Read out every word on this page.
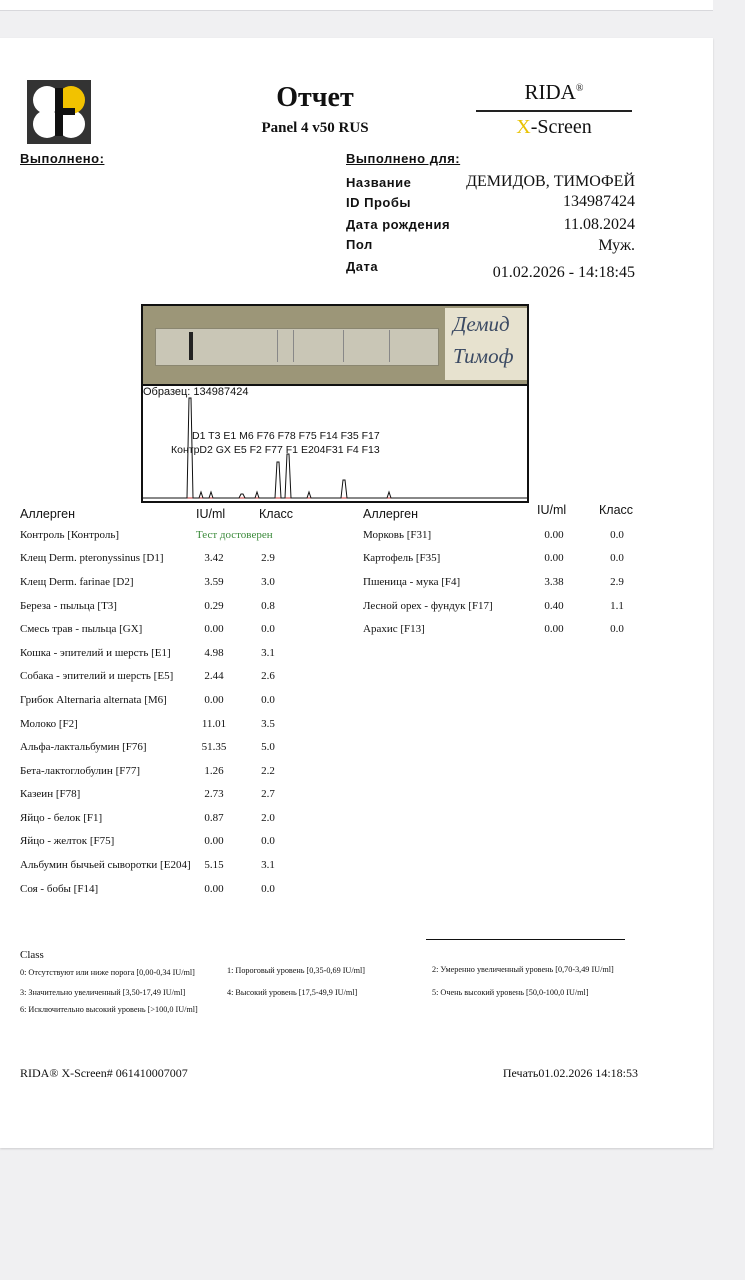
Отчет
Panel 4 v50 RUS
RIDA®
X-Screen
Выполнено:	Выполнено для:
Название	ДЕМИДОВ, ТИМОФЕЙ
ID Пробы	134987424
Дата рождения	11.08.2024
Пол	Муж.
Дата	01.02.2026 - 14:18:45
Демид
Тимоф
Образец: 134987424
D1 T3 E1 M6 F76 F78 F75 F14 F35 F17
КонтрD2 GX E5 F2 F77 F1 E204F31 F4 F13
Аллерген	IU/ml	Класс	Аллерген	IU/ml	Класс
Контроль [Контроль]	Тест достоверен
Клещ Derm. pteronyssinus [D1]	3.42	2.9
Клещ Derm. farinae [D2]	3.59	3.0
Береза - пыльца [T3]	0.29	0.8
Смесь трав - пыльца [GX]	0.00	0.0
Кошка - эпителий и шерсть [E1]	4.98	3.1
Собака - эпителий и шерсть [E5]	2.44	2.6
Грибок Alternaria alternata [M6]	0.00	0.0
Молоко [F2]	11.01	3.5
Альфа-лактальбумин [F76]	51.35	5.0
Бета-лактоглобулин [F77]	1.26	2.2
Казеин [F78]	2.73	2.7
Яйцо - белок [F1]	0.87	2.0
Яйцо - желток [F75]	0.00	0.0
Альбумин бычьей сыворотки [E204]	5.15	3.1
Соя - бобы [F14]	0.00	0.0
Морковь [F31]	0.00	0.0
Картофель [F35]	0.00	0.0
Пшеница - мука [F4]	3.38	2.9
Лесной орех - фундук [F17]	0.40	1.1
Арахис [F13]	0.00	0.0
Class
0: Отсутствуют или ниже порога [0,00-0,34 IU/ml]	1: Пороговый уровень [0,35-0,69 IU/ml]	2: Умеренно увеличенный уровень [0,70-3,49 IU/ml]
3: Значительно увеличенный [3,50-17,49 IU/ml]	4: Высокий уровень [17,5-49,9 IU/ml]	5: Очень высокий уровень [50,0-100,0 IU/ml]
6: Исключительно высокий уровень [>100,0 IU/ml]
RIDA® X-Screen# 061410007007	Печать01.02.2026 14:18:53
